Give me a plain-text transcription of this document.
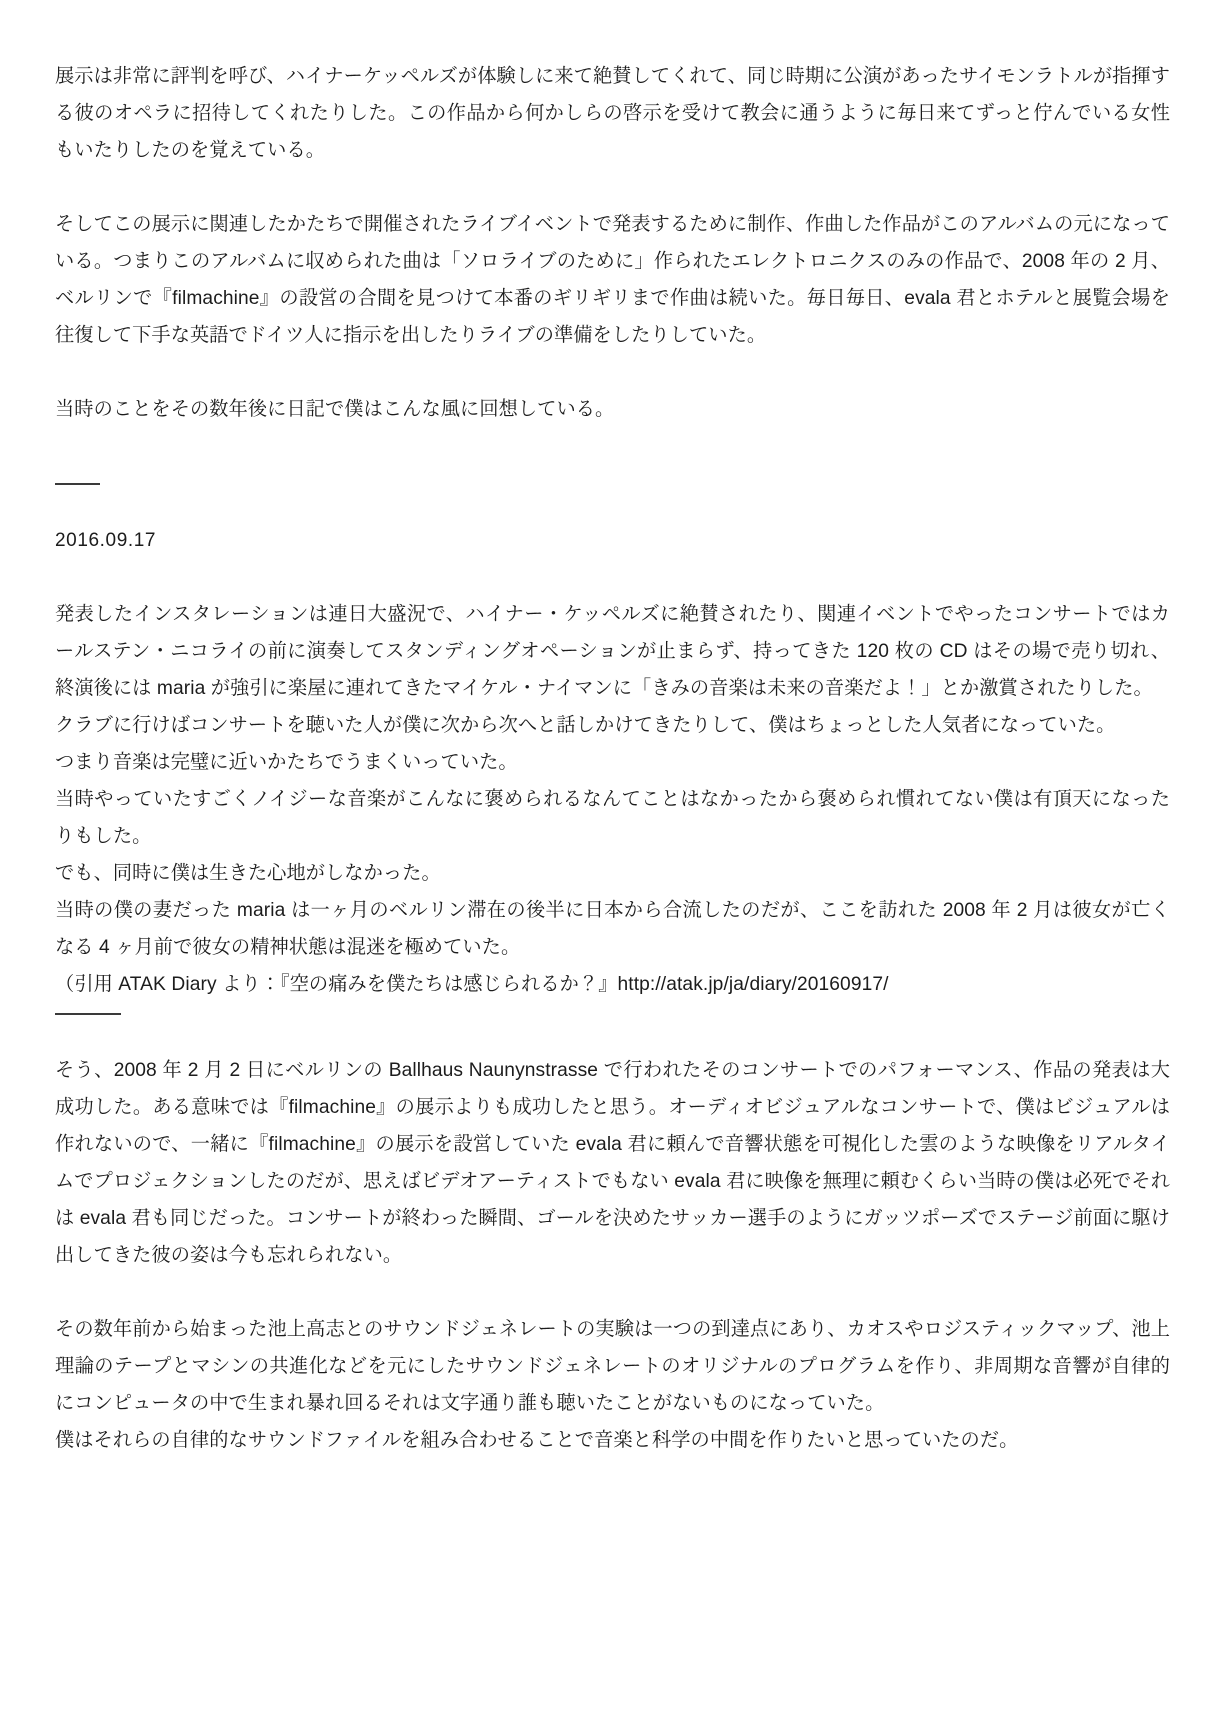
展示は非常に評判を呼び、ハイナーケッペルズが体験しに来て絶賛してくれて、同じ時期に公演があったサイモンラトルが指揮する彼のオペラに招待してくれたりした。この作品から何かしらの啓示を受けて教会に通うように毎日来てずっと佇んでいる女性もいたりしたのを覚えている。

そしてこの展示に関連したかたちで開催されたライブイベントで発表するために制作、作曲した作品がこのアルバムの元になっている。つまりこのアルバムに収められた曲は「ソロライブのために」作られたエレクトロニクスのみの作品で、2008 年の 2 月、ベルリンで『filmachine』の設営の合間を見つけて本番のギリギリまで作曲は続いた。毎日毎日、evala 君とホテルと展覧会場を往復して下手な英語でドイツ人に指示を出したりライブの準備をしたりしていた。

当時のことをその数年後に日記で僕はこんな風に回想している。

2016.09.17

発表したインスタレーションは連日大盛況で、ハイナー・ケッペルズに絶賛されたり、関連イベントでやったコンサートではカールステン・ニコライの前に演奏してスタンディングオペーションが止まらず、持ってきた 120 枚の CD はその場で売り切れ、終演後には maria が強引に楽屋に連れてきたマイケル・ナイマンに「きみの音楽は未来の音楽だよ！」とか激賞されたりした。

クラブに行けばコンサートを聴いた人が僕に次から次へと話しかけてきたりして、僕はちょっとした人気者になっていた。

つまり音楽は完璧に近いかたちでうまくいっていた。

当時やっていたすごくノイジーな音楽がこんなに褒められるなんてことはなかったから褒められ慣れてない僕は有頂天になったりもした。

でも、同時に僕は生きた心地がしなかった。

当時の僕の妻だった maria は一ヶ月のベルリン滞在の後半に日本から合流したのだが、ここを訪れた 2008 年 2 月は彼女が亡くなる 4 ヶ月前で彼女の精神状態は混迷を極めていた。

（引用 ATAK Diary より：『空の痛みを僕たちは感じられるか？』http://atak.jp/ja/diary/20160917/

そう、2008 年 2 月 2 日にベルリンの Ballhaus Naunynstrasse で行われたそのコンサートでのパフォーマンス、作品の発表は大成功した。ある意味では『filmachine』の展示よりも成功したと思う。オーディオビジュアルなコンサートで、僕はビジュアルは作れないので、一緒に『filmachine』の展示を設営していた evala 君に頼んで音響状態を可視化した雲のような映像をリアルタイムでプロジェクションしたのだが、思えばビデオアーティストでもない evala 君に映像を無理に頼むくらい当時の僕は必死でそれは evala 君も同じだった。コンサートが終わった瞬間、ゴールを決めたサッカー選手のようにガッツポーズでステージ前面に駆け出してきた彼の姿は今も忘れられない。

その数年前から始まった池上高志とのサウンドジェネレートの実験は一つの到達点にあり、カオスやロジスティックマップ、池上理論のテープとマシンの共進化などを元にしたサウンドジェネレートのオリジナルのプログラムを作り、非周期な音響が自律的にコンピュータの中で生まれ暴れ回るそれは文字通り誰も聴いたことがないものになっていた。

僕はそれらの自律的なサウンドファイルを組み合わせることで音楽と科学の中間を作りたいと思っていたのだ。
